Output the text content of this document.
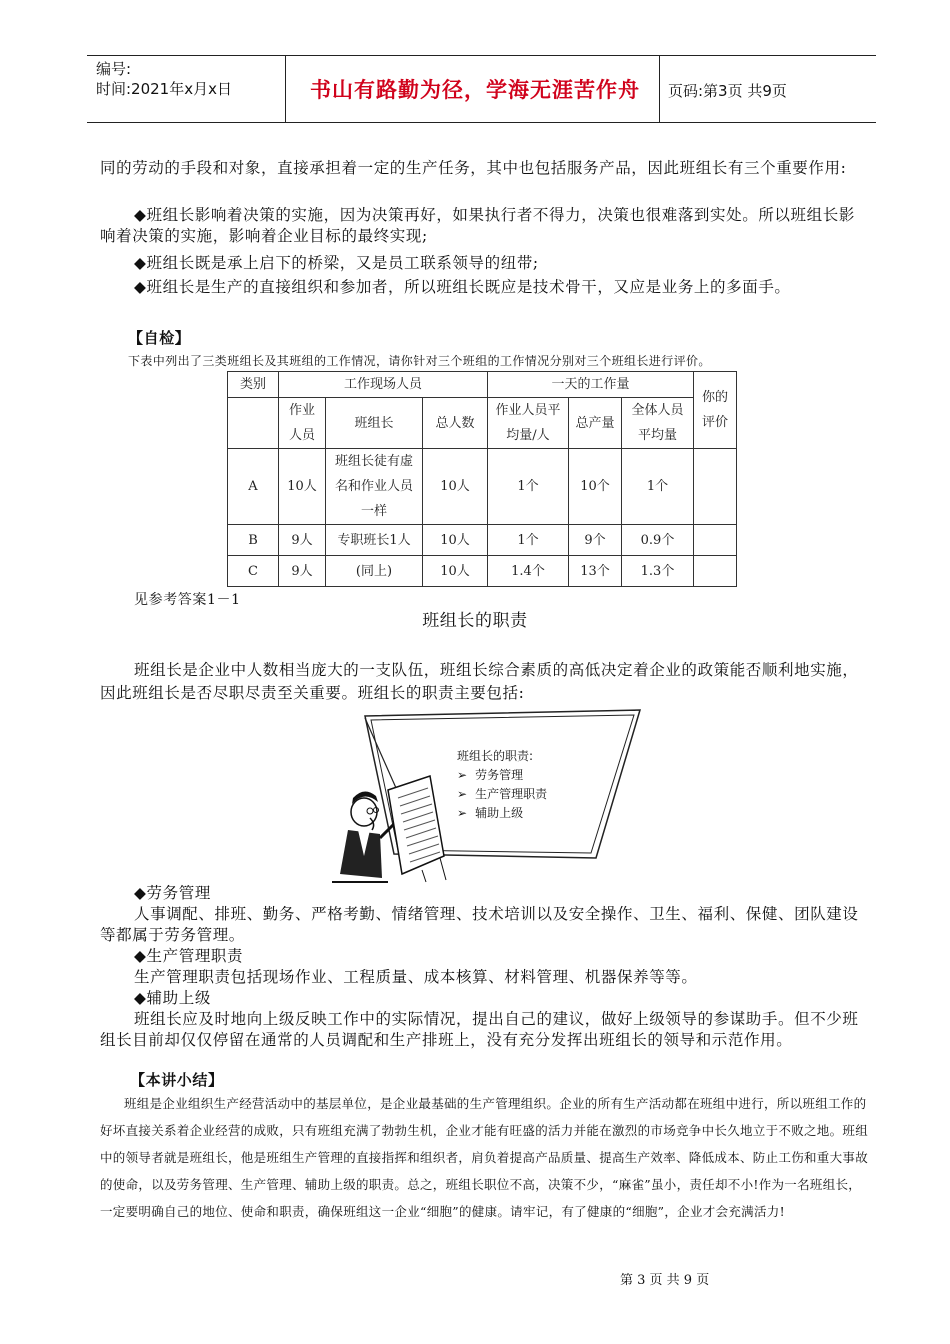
编号:
时间:2021年x月x日	书山有路勤为径，学海无涯苦作舟	页码:第3页 共9页
同的劳动的手段和对象，直接承担着一定的生产任务，其中也包括服务产品，因此班组长有三个重要作用:
◆班组长影响着决策的实施，因为决策再好，如果执行者不得力，决策也很难落到实处。所以班组长影响着决策的实施，影响着企业目标的最终实现;
◆班组长既是承上启下的桥梁，又是员工联系领导的纽带;
◆班组长是生产的直接组织和参加者，所以班组长既应是技术骨干，又应是业务上的多面手。
【自检】
下表中列出了三类班组长及其班组的工作情况，请你针对三个班组的工作情况分别对三个班组长进行评价。
类别	工作现场人员			一天的工作量			你的评价

	作业人员	班组长	总人数	作业人员平均量/人	总产量	全体人员平均量	

A	10人	班组长徒有虚名和作业人员一样	10人	1个	10个	1个	
B	9人	专职班长1人	10人	1个	9个	0.9个	
C	9人	(同上)	10人	1.4个	13个	1.3个	
见参考答案1－1
班组长的职责
班组长是企业中人数相当庞大的一支队伍，班组长综合素质的高低决定着企业的政策能否顺利地实施，因此班组长是否尽职尽责至关重要。班组长的职责主要包括:
班组长的职责:
➢ 劳务管理
➢ 生产管理职责
➢ 辅助上级
◆劳务管理
人事调配、排班、勤务、严格考勤、情绪管理、技术培训以及安全操作、卫生、福利、保健、团队建设等都属于劳务管理。
◆生产管理职责
生产管理职责包括现场作业、工程质量、成本核算、材料管理、机器保养等等。
◆辅助上级
班组长应及时地向上级反映工作中的实际情况，提出自己的建议，做好上级领导的参谋助手。但不少班组长目前却仅仅停留在通常的人员调配和生产排班上，没有充分发挥出班组长的领导和示范作用。
【本讲小结】
班组是企业组织生产经营活动中的基层单位，是企业最基础的生产管理组织。企业的所有生产活动都在班组中进行，所以班组工作的好坏直接关系着企业经营的成败，只有班组充满了勃勃生机，企业才能有旺盛的活力并能在激烈的市场竞争中长久地立于不败之地。班组中的领导者就是班组长，他是班组生产管理的直接指挥和组织者，肩负着提高产品质量、提高生产效率、降低成本、防止工伤和重大事故的使命，以及劳务管理、生产管理、辅助上级的职责。总之，班组长职位不高，决策不少，“麻雀”虽小，责任却不小!作为一名班组长，一定要明确自己的地位、使命和职责，确保班组这一企业“细胞”的健康。请牢记，有了健康的“细胞”，企业才会充满活力!
第 3 页 共 9 页
